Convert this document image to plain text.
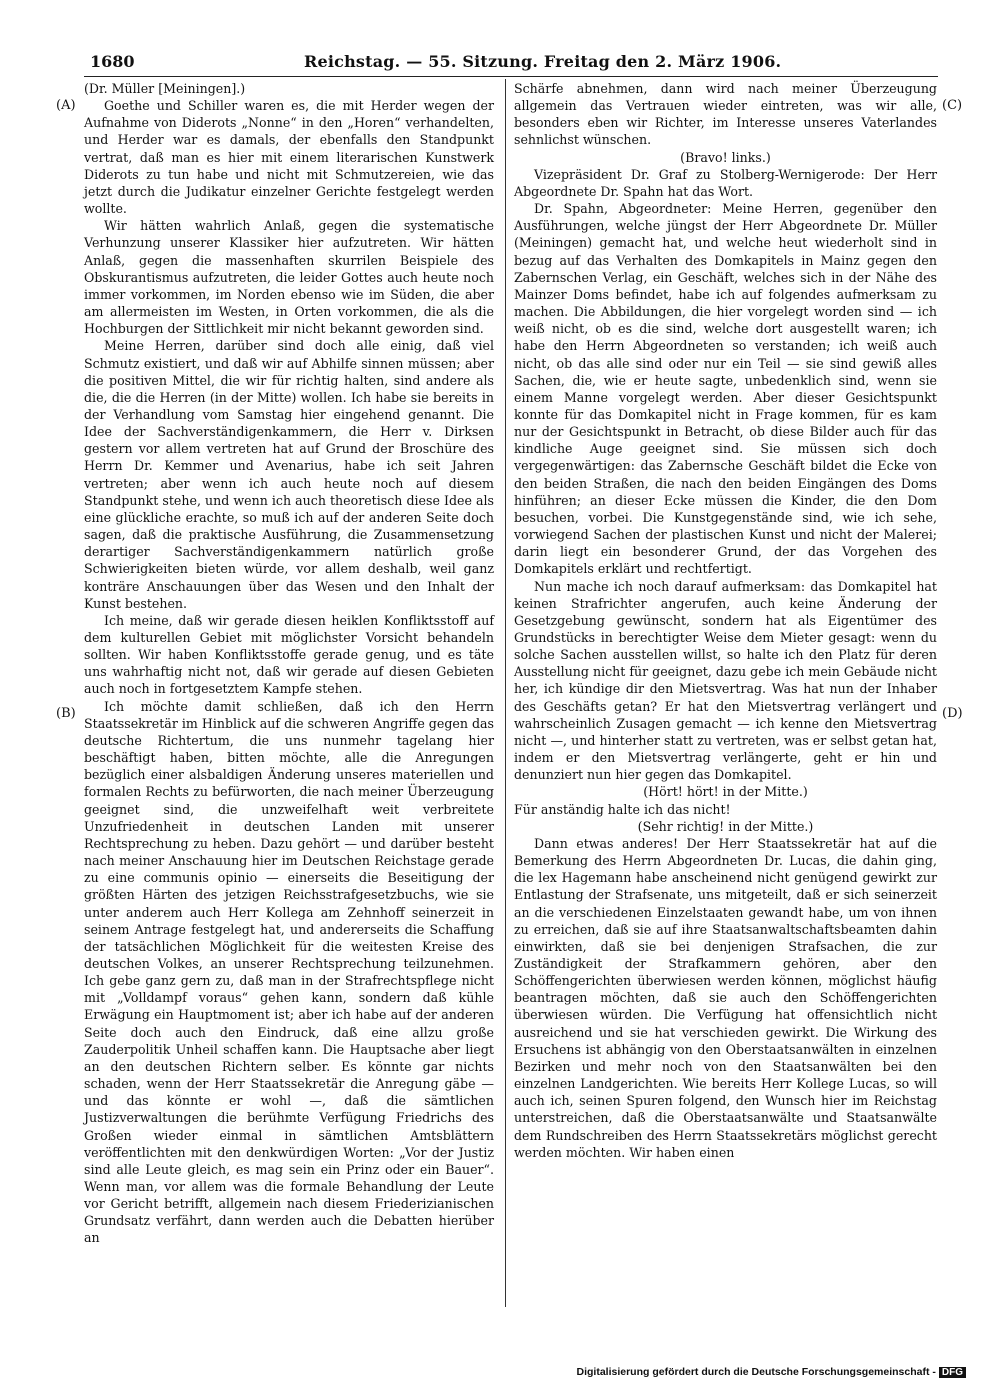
1680	Reichstag. — 55. Sitzung. Freitag den 2. März 1906.
(A)
(B)
(C)
(D)

(Dr. Müller [Meiningen].)

Goethe und Schiller waren es, die mit Herder wegen der Aufnahme von Diderots „Nonne“ in den „Horen“ verhandelten, und Herder war es damals, der ebenfalls den Standpunkt vertrat, daß man es hier mit einem literarischen Kunstwerk Diderots zu tun habe und nicht mit Schmutzereien, wie das jetzt durch die Judikatur einzelner Gerichte festgelegt werden wollte.

Wir hätten wahrlich Anlaß, gegen die systematische Verhunzung unserer Klassiker hier aufzutreten. Wir hätten Anlaß, gegen die massenhaften skurrilen Beispiele des Obskurantismus aufzutreten, die leider Gottes auch heute noch immer vorkommen, im Norden ebenso wie im Süden, die aber am allermeisten im Westen, in Orten vorkommen, die als die Hochburgen der Sittlichkeit mir nicht bekannt geworden sind.

Meine Herren, darüber sind doch alle einig, daß viel Schmutz existiert, und daß wir auf Abhilfe sinnen müssen; aber die positiven Mittel, die wir für richtig halten, sind andere als die, die die Herren (in der Mitte) wollen. Ich habe sie bereits in der Verhandlung vom Samstag hier eingehend genannt. Die Idee der Sachverständigenkammern, die Herr v. Dirksen gestern vor allem vertreten hat auf Grund der Broschüre des Herrn Dr. Kemmer und Avenarius, habe ich seit Jahren vertreten; aber wenn ich auch heute noch auf diesem Standpunkt stehe, und wenn ich auch theoretisch diese Idee als eine glückliche erachte, so muß ich auf der anderen Seite doch sagen, daß die praktische Ausführung, die Zusammensetzung derartiger Sachverständigenkammern natürlich große Schwierigkeiten bieten würde, vor allem deshalb, weil ganz konträre Anschauungen über das Wesen und den Inhalt der Kunst bestehen.

Ich meine, daß wir gerade diesen heiklen Konfliktsstoff auf dem kulturellen Gebiet mit möglichster Vorsicht behandeln sollten. Wir haben Konfliktsstoffe gerade genug, und es täte uns wahrhaftig nicht not, daß wir gerade auf diesen Gebieten auch noch in fortgesetztem Kampfe stehen.

Ich möchte damit schließen, daß ich den Herrn Staatssekretär im Hinblick auf die schweren Angriffe gegen das deutsche Richtertum, die uns nunmehr tagelang hier beschäftigt haben, bitten möchte, alle die Anregungen bezüglich einer alsbaldigen Änderung unseres materiellen und formalen Rechts zu befürworten, die nach meiner Überzeugung geeignet sind, die unzweifelhaft weit verbreitete Unzufriedenheit in deutschen Landen mit unserer Rechtsprechung zu heben. Dazu gehört — und darüber besteht nach meiner Anschauung hier im Deutschen Reichstage gerade zu eine communis opinio — einerseits die Beseitigung der größten Härten des jetzigen Reichsstrafgesetzbuchs, wie sie unter anderem auch Herr Kollega am Zehnhoff seinerzeit in seinem Antrage festgelegt hat, und andererseits die Schaffung der tatsächlichen Möglichkeit für die weitesten Kreise des deutschen Volkes, an unserer Rechtsprechung teilzunehmen. Ich gebe ganz gern zu, daß man in der Strafrechtspflege nicht mit „Volldampf voraus“ gehen kann, sondern daß kühle Erwägung ein Hauptmoment ist; aber ich habe auf der anderen Seite doch auch den Eindruck, daß eine allzu große Zauderpolitik Unheil schaffen kann. Die Hauptsache aber liegt an den deutschen Richtern selber. Es könnte gar nichts schaden, wenn der Herr Staatssekretär die Anregung gäbe — und das könnte er wohl —, daß die sämtlichen Justizverwaltungen die berühmte Verfügung Friedrichs des Großen wieder einmal in sämtlichen Amtsblättern veröffentlichten mit den denkwürdigen Worten: „Vor der Justiz sind alle Leute gleich, es mag sein ein Prinz oder ein Bauer“. Wenn man, vor allem was die formale Behandlung der Leute vor Gericht betrifft, allgemein nach diesem Friederizianischen Grundsatz verfährt, dann werden auch die Debatten hierüber an

Schärfe abnehmen, dann wird nach meiner Überzeugung allgemein das Vertrauen wieder eintreten, was wir alle, besonders eben wir Richter, im Interesse unseres Vaterlandes sehnlichst wünschen.

(Bravo! links.)

Vizepräsident Dr. Graf zu Stolberg-Wernigerode: Der Herr Abgeordnete Dr. Spahn hat das Wort.

Dr. Spahn, Abgeordneter: Meine Herren, gegenüber den Ausführungen, welche jüngst der Herr Abgeordnete Dr. Müller (Meiningen) gemacht hat, und welche heut wiederholt sind in bezug auf das Verhalten des Domkapitels in Mainz gegen den Zabernschen Verlag, ein Geschäft, welches sich in der Nähe des Mainzer Doms befindet, habe ich auf folgendes aufmerksam zu machen. Die Abbildungen, die hier vorgelegt worden sind — ich weiß nicht, ob es die sind, welche dort ausgestellt waren; ich habe den Herrn Abgeordneten so verstanden; ich weiß auch nicht, ob das alle sind oder nur ein Teil — sie sind gewiß alles Sachen, die, wie er heute sagte, unbedenklich sind, wenn sie einem Manne vorgelegt werden. Aber dieser Gesichtspunkt konnte für das Domkapitel nicht in Frage kommen, für es kam nur der Gesichtspunkt in Betracht, ob diese Bilder auch für das kindliche Auge geeignet sind. Sie müssen sich doch vergegenwärtigen: das Zabernsche Geschäft bildet die Ecke von den beiden Straßen, die nach den beiden Eingängen des Doms hinführen; an dieser Ecke müssen die Kinder, die den Dom besuchen, vorbei. Die Kunstgegenstände sind, wie ich sehe, vorwiegend Sachen der plastischen Kunst und nicht der Malerei; darin liegt ein besonderer Grund, der das Vorgehen des Domkapitels erklärt und rechtfertigt.

Nun mache ich noch darauf aufmerksam: das Domkapitel hat keinen Strafrichter angerufen, auch keine Änderung der Gesetzgebung gewünscht, sondern hat als Eigentümer des Grundstücks in berechtigter Weise dem Mieter gesagt: wenn du solche Sachen ausstellen willst, so halte ich den Platz für deren Ausstellung nicht für geeignet, dazu gebe ich mein Gebäude nicht her, ich kündige dir den Mietsvertrag. Was hat nun der Inhaber des Geschäfts getan? Er hat den Mietsvertrag verlängert und wahrscheinlich Zusagen gemacht — ich kenne den Mietsvertrag nicht —, und hinterher statt zu vertreten, was er selbst getan hat, indem er den Mietsvertrag verlängerte, geht er hin und denunziert nun hier gegen das Domkapitel.

(Hört! hört! in der Mitte.)

Für anständig halte ich das nicht!

(Sehr richtig! in der Mitte.)

Dann etwas anderes! Der Herr Staatssekretär hat auf die Bemerkung des Herrn Abgeordneten Dr. Lucas, die dahin ging, die lex Hagemann habe anscheinend nicht genügend gewirkt zur Entlastung der Strafsenate, uns mitgeteilt, daß er sich seinerzeit an die verschiedenen Einzelstaaten gewandt habe, um von ihnen zu erreichen, daß sie auf ihre Staatsanwaltschaftsbeamten dahin einwirkten, daß sie bei denjenigen Strafsachen, die zur Zuständigkeit der Strafkammern gehören, aber den Schöffengerichten überwiesen werden können, möglichst häufig beantragen möchten, daß sie auch den Schöffengerichten überwiesen würden. Die Verfügung hat offensichtlich nicht ausreichend und sie hat verschieden gewirkt. Die Wirkung des Ersuchens ist abhängig von den Oberstaatsanwälten in einzelnen Bezirken und mehr noch von den Staatsanwälten bei den einzelnen Landgerichten. Wie bereits Herr Kollege Lucas, so will auch ich, seinen Spuren folgend, den Wunsch hier im Reichstag unterstreichen, daß die Oberstaatsanwälte und Staatsanwälte dem Rundschreiben des Herrn Staatssekretärs möglichst gerecht werden möchten. Wir haben einen

Digitalisierung gefördert durch die Deutsche Forschungsgemeinschaft - DFG
